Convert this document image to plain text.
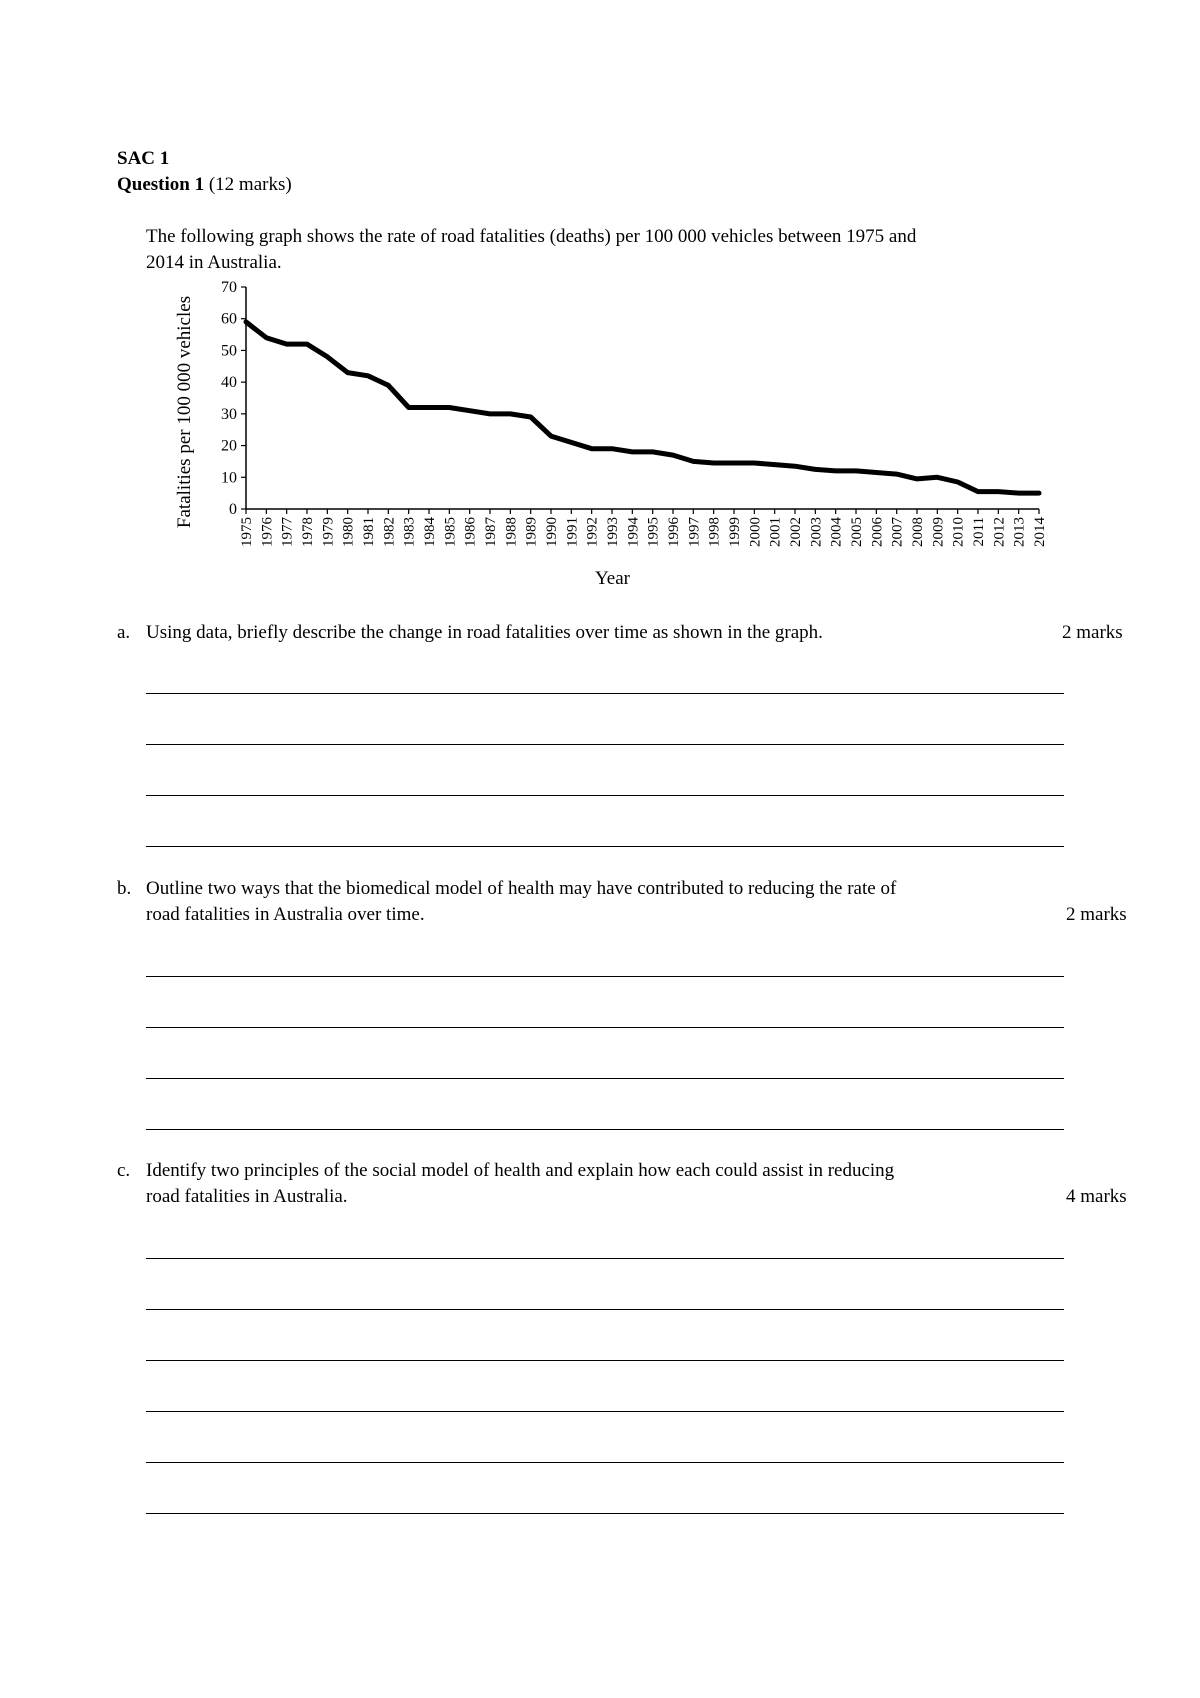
SAC 1
Question 1 (12 marks)
The following graph shows the rate of road fatalities (deaths) per 100 000 vehicles between 1975 and
2014 in Australia.
0
10
20
30
40
50
60
70
1975 1976 1977 1978 1979 1980 1981 1982 1983 1984 1985 1986 1987 1988 1989 1990 1991 1992 1993 1994 1995 1996 1997 1998 1999 2000 2001 2002 2003 2004 2005 2006 2007 2008 2009 2010 2011 2012 2013 2014
Year
Fatalities per 100 000 vehicles
a. Using data, briefly describe the change in road fatalities over time as shown in the graph.	2 marks
b. Outline two ways that the biomedical model of health may have contributed to reducing the rate of
road fatalities in Australia over time.	2 marks
c. Identify two principles of the social model of health and explain how each could assist in reducing
road fatalities in Australia.	4 marks
